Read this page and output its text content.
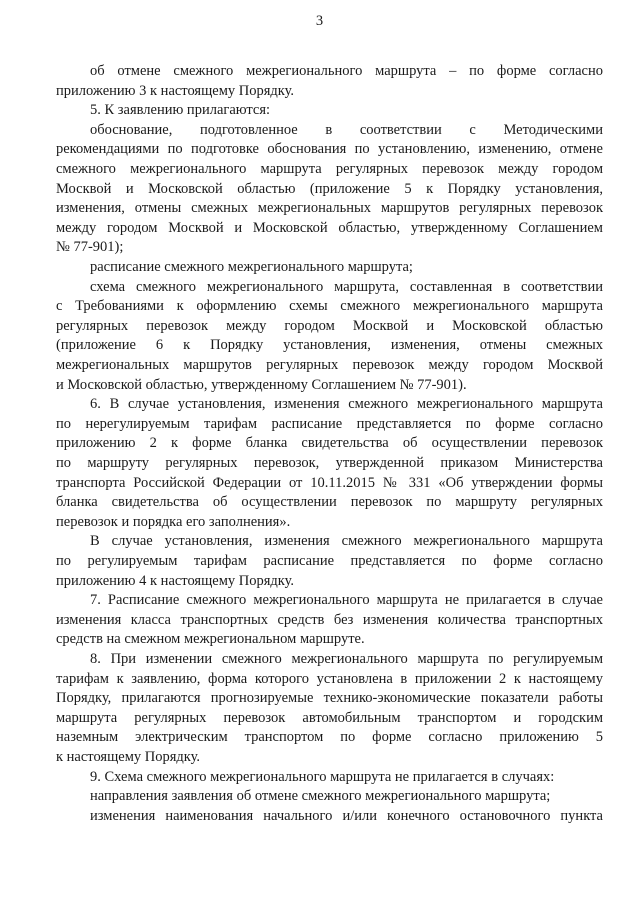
3
об отмене смежного межрегионального маршрута – по форме согласно
приложению 3 к настоящему Порядку.
5. К заявлению прилагаются:
обоснование, подготовленное в соответствии с Методическими
рекомендациями по подготовке обоснования по установлению, изменению, отмене
смежного межрегионального маршрута регулярных перевозок между городом
Москвой и Московской областью (приложение 5 к Порядку установления,
изменения, отмены смежных межрегиональных маршрутов регулярных перевозок
между городом Москвой и Московской областью, утвержденному Соглашением
№ 77-901);
расписание смежного межрегионального маршрута;
схема смежного межрегионального маршрута, составленная в соответствии
с Требованиями к оформлению схемы смежного межрегионального маршрута
регулярных перевозок между городом Москвой и Московской областью
(приложение 6 к Порядку установления, изменения, отмены смежных
межрегиональных маршрутов регулярных перевозок между городом Москвой
и Московской областью, утвержденному Соглашением № 77-901).
6. В случае установления, изменения смежного межрегионального маршрута
по нерегулируемым тарифам расписание представляется по форме согласно
приложению 2 к форме бланка свидетельства об осуществлении перевозок
по маршруту регулярных перевозок, утвержденной приказом Министерства
транспорта Российской Федерации от 10.11.2015 № 331 «Об утверждении формы
бланка свидетельства об осуществлении перевозок по маршруту регулярных
перевозок и порядка его заполнения».
В случае установления, изменения смежного межрегионального маршрута
по регулируемым тарифам расписание представляется по форме согласно
приложению 4 к настоящему Порядку.
7. Расписание смежного межрегионального маршрута не прилагается в случае
изменения класса транспортных средств без изменения количества транспортных
средств на смежном межрегиональном маршруте.
8. При изменении смежного межрегионального маршрута по регулируемым
тарифам к заявлению, форма которого установлена в приложении 2 к настоящему
Порядку, прилагаются прогнозируемые технико-экономические показатели работы
маршрута регулярных перевозок автомобильным транспортом и городским
наземным электрическим транспортом по форме согласно приложению 5
к настоящему Порядку.
9. Схема смежного межрегионального маршрута не прилагается в случаях:
направления заявления об отмене смежного межрегионального маршрута;
изменения наименования начального и/или конечного остановочного пункта
